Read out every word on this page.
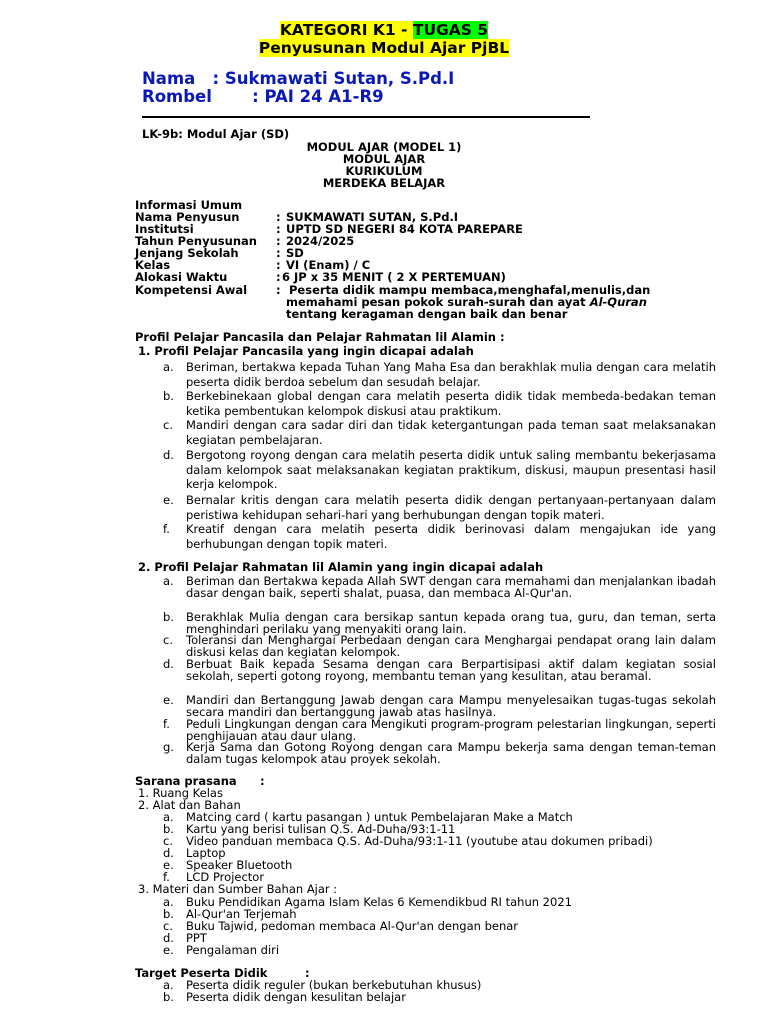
KATEGORI K1 - TUGAS 5
Penyusunan Modul Ajar PjBL
Nama   : Sukmawati Sutan, S.Pd.I
Rombel       : PAI 24 A1-R9
LK-9b: Modul Ajar (SD)
MODUL AJAR (MODEL 1)
MODUL AJAR
KURIKULUM
MERDEKA BELAJAR
Informasi Umum
Nama Penyusun	: SUKMAWATI SUTAN, S.Pd.I
Institutsi	: UPTD SD NEGERI 84 KOTA PAREPARE
Tahun Penyusunan : 2024/2025
Jenjang Sekolah	: SD
Kelas	: VI (Enam) / C
Alokasi Waktu	: 6 JP x 35 MENIT ( 2 X PERTEMUAN)
Kompetensi Awal	: Peserta didik mampu membaca,menghafal,menulis,dan
memahami pesan pokok surah-surah dan ayat Al-Quran
tentang keragaman dengan baik dan benar
Profil Pelajar Pancasila dan Pelajar Rahmatan lil Alamin :
1. Profil Pelajar Pancasila yang ingin dicapai adalah
a. Beriman, bertakwa kepada Tuhan Yang Maha Esa dan berakhlak mulia dengan cara melatih peserta didik berdoa sebelum dan sesudah belajar.
b. Berkebinekaan global dengan cara melatih peserta didik tidak membeda-bedakan teman ketika pembentukan kelompok diskusi atau praktikum.
c. Mandiri dengan cara sadar diri dan tidak ketergantungan pada teman saat melaksanakan kegiatan pembelajaran.
d. Bergotong royong dengan cara melatih peserta didik untuk saling membantu bekerjasama dalam kelompok saat melaksanakan kegiatan praktikum, diskusi, maupun presentasi hasil kerja kelompok.
e. Bernalar kritis dengan cara melatih peserta didik dengan pertanyaan-pertanyaan dalam peristiwa kehidupan sehari-hari yang berhubungan dengan topik materi.
f. Kreatif dengan cara melatih peserta didik berinovasi dalam mengajukan ide yang berhubungan dengan topik materi.
2. Profil Pelajar Rahmatan lil Alamin yang ingin dicapai adalah
a. Beriman dan Bertakwa kepada Allah SWT dengan cara memahami dan menjalankan ibadah dasar dengan baik, seperti shalat, puasa, dan membaca Al-Qur'an.
b. Berakhlak Mulia dengan cara bersikap santun kepada orang tua, guru, dan teman, serta menghindari perilaku yang menyakiti orang lain.
c. Toleransi dan Menghargai Perbedaan dengan cara Menghargai pendapat orang lain dalam diskusi kelas dan kegiatan kelompok.
d. Berbuat Baik kepada Sesama dengan cara Berpartisipasi aktif dalam kegiatan sosial sekolah, seperti gotong royong, membantu teman yang kesulitan, atau beramal.
e. Mandiri dan Bertanggung Jawab dengan cara Mampu menyelesaikan tugas-tugas sekolah secara mandiri dan bertanggung jawab atas hasilnya.
f. Peduli Lingkungan dengan cara Mengikuti program-program pelestarian lingkungan, seperti penghijauan atau daur ulang.
g. Kerja Sama dan Gotong Royong dengan cara Mampu bekerja sama dengan teman-teman dalam tugas kelompok atau proyek sekolah.
Sarana prasana :
1. Ruang Kelas
2. Alat dan Bahan
a. Matcing card ( kartu pasangan ) untuk Pembelajaran Make a Match
b. Kartu yang berisi tulisan Q.S. Ad-Duha/93:1-11
c. Video panduan membaca Q.S. Ad-Duha/93:1-11 (youtube atau dokumen pribadi)
d. Laptop
e. Speaker Bluetooth
f. LCD Projector
3. Materi dan Sumber Bahan Ajar :
a. Buku Pendidikan Agama Islam Kelas 6 Kemendikbud RI tahun 2021
b. Al-Qur'an Terjemah
c. Buku Tajwid, pedoman membaca Al-Qur'an dengan benar
d. PPT
e. Pengalaman diri
Target Peserta Didik	:
a. Peserta didik reguler (bukan berkebutuhan khusus)
b. Peserta didik dengan kesulitan belajar
